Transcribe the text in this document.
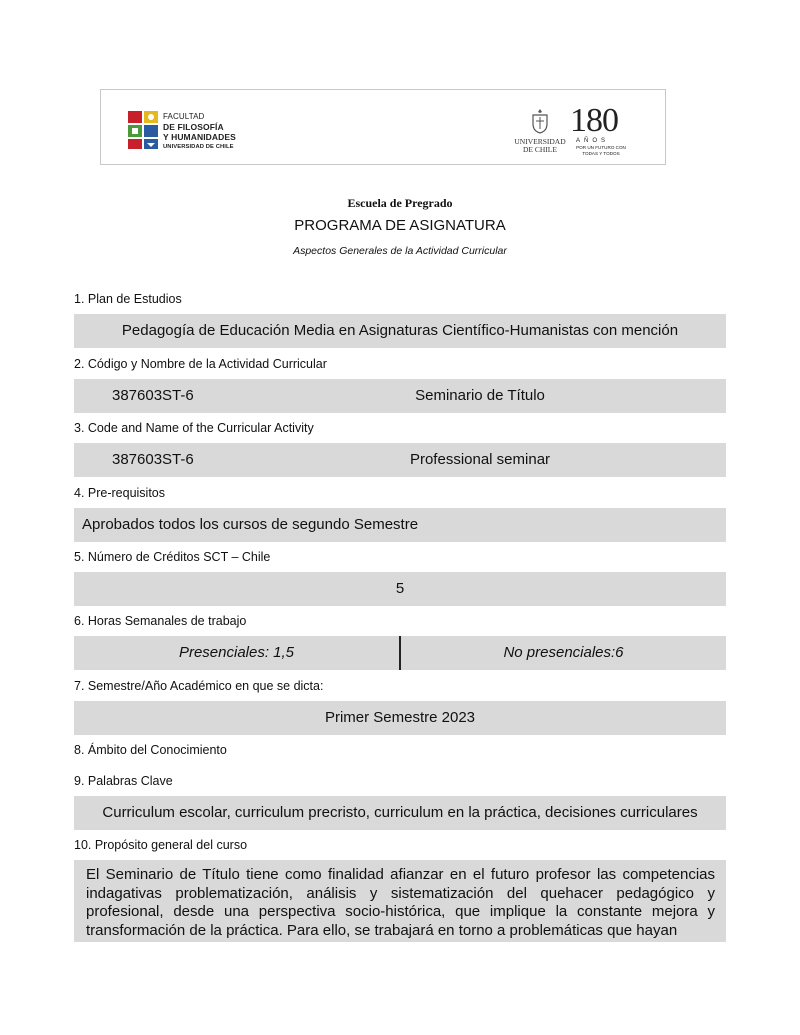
FACULTAD
DE FILOSOFÍA
Y HUMANIDADES
UNIVERSIDAD DE CHILE
UNIVERSIDAD
DE CHILE
180
AÑOS
POR UN FUTURO CON
TODAS Y TODOS
Escuela de Pregrado
PROGRAMA DE ASIGNATURA
Aspectos Generales de la Actividad Curricular
1. Plan de Estudios
Pedagogía de Educación Media en Asignaturas Científico-Humanistas con mención
2. Código y Nombre de la Actividad Curricular
387603ST-6	Seminario de Título
3. Code and Name of the Curricular Activity
387603ST-6	Professional seminar
4. Pre-requisitos
Aprobados todos los cursos de segundo Semestre
5. Número de Créditos SCT – Chile
5
6. Horas Semanales de trabajo
Presenciales: 1,5	No presenciales:6
7. Semestre/Año Académico en que se dicta:
Primer Semestre 2023
8. Ámbito del Conocimiento
9. Palabras Clave
Curriculum escolar, curriculum precristo, curriculum en la práctica, decisiones curriculares
10. Propósito general del curso
El Seminario de Título tiene como finalidad afianzar en el futuro profesor las competencias indagativas problematización, análisis y sistematización del quehacer pedagógico y profesional, desde una perspectiva socio-histórica, que implique la constante mejora y transformación de la práctica. Para ello, se trabajará en torno a problemáticas que hayan
